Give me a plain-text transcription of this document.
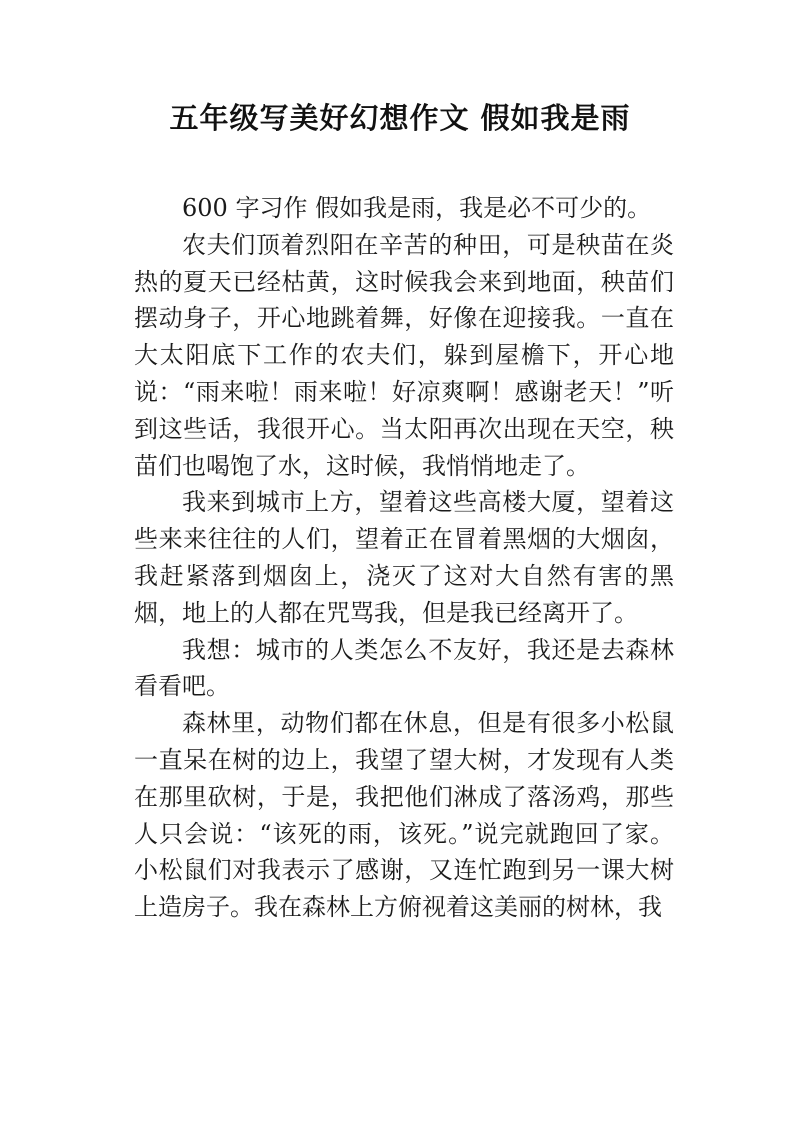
五年级写美好幻想作文 假如我是雨

600 字习作 假如我是雨，我是必不可少的。

农夫们顶着烈阳在辛苦的种田，可是秧苗在炎热的夏天已经枯黄，这时候我会来到地面，秧苗们摆动身子，开心地跳着舞，好像在迎接我。一直在大太阳底下工作的农夫们，躲到屋檐下，开心地说：“雨来啦！雨来啦！好凉爽啊！感谢老天！”听到这些话，我很开心。当太阳再次出现在天空，秧苗们也喝饱了水，这时候，我悄悄地走了。

我来到城市上方，望着这些高楼大厦，望着这些来来往往的人们，望着正在冒着黑烟的大烟囱，我赶紧落到烟囱上，浇灭了这对大自然有害的黑烟，地上的人都在咒骂我，但是我已经离开了。

我想：城市的人类怎么不友好，我还是去森林看看吧。

森林里，动物们都在休息，但是有很多小松鼠一直呆在树的边上，我望了望大树，才发现有人类在那里砍树，于是，我把他们淋成了落汤鸡，那些人只会说：“该死的雨，该死。”说完就跑回了家。小松鼠们对我表示了感谢，又连忙跑到另一课大树上造房子。我在森林上方俯视着这美丽的树林，我
